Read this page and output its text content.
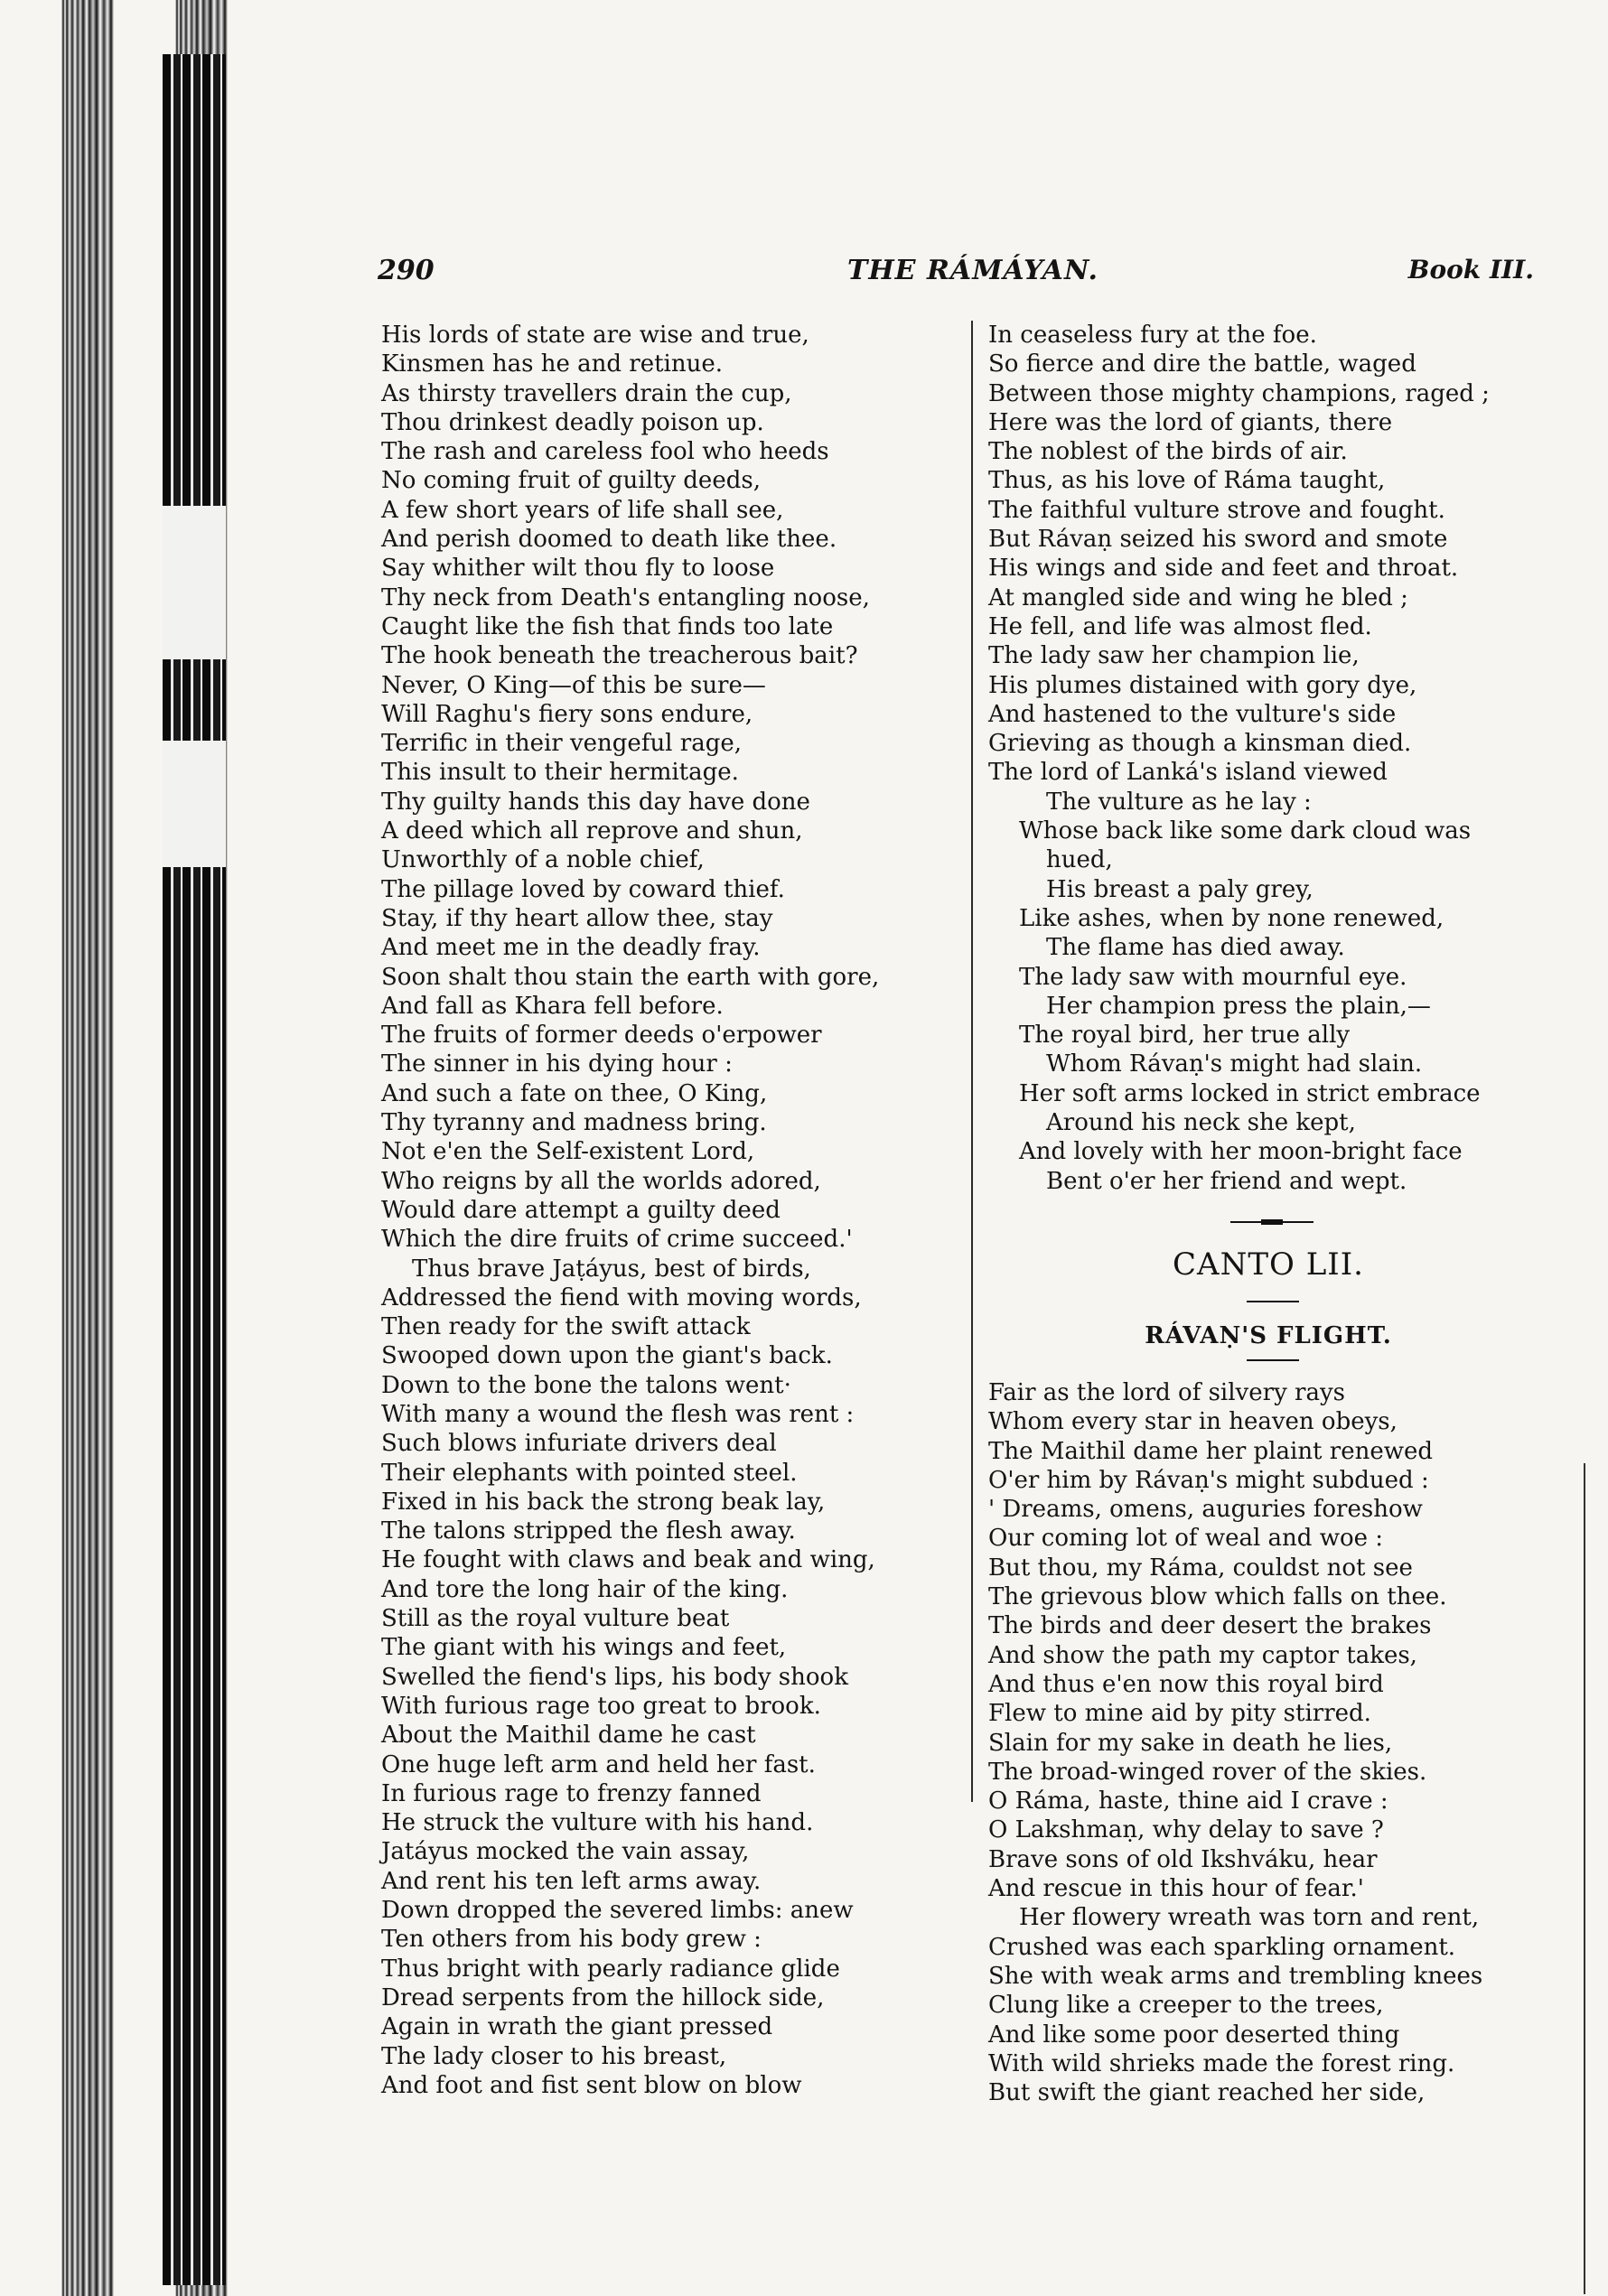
290	THE RÁMÁYAN.	Book III.
His lords of state are wise and true,
Kinsmen has he and retinue.
As thirsty travellers drain the cup,
Thou drinkest deadly poison up.
The rash and careless fool who heeds
No coming fruit of guilty deeds,
A few short years of life shall see,
And perish doomed to death like thee.
Say whither wilt thou fly to loose
Thy neck from Death's entangling noose,
Caught like the fish that finds too late
The hook beneath the treacherous bait?
Never, O King—of this be sure—
Will Raghu's fiery sons endure,
Terrific in their vengeful rage,
This insult to their hermitage.
Thy guilty hands this day have done
A deed which all reprove and shun,
Unworthly of a noble chief,
The pillage loved by coward thief.
Stay, if thy heart allow thee, stay
And meet me in the deadly fray.
Soon shalt thou stain the earth with gore,
And fall as Khara fell before.
The fruits of former deeds o'erpower
The sinner in his dying hour :
And such a fate on thee, O King,
Thy tyranny and madness bring.
Not e'en the Self-existent Lord,
Who reigns by all the worlds adored,
Would dare attempt a guilty deed
Which the dire fruits of crime succeed.'
Thus brave Jaṭáyus, best of birds,
Addressed the fiend with moving words,
Then ready for the swift attack
Swooped down upon the giant's back.
Down to the bone the talons went·
With many a wound the flesh was rent :
Such blows infuriate drivers deal
Their elephants with pointed steel.
Fixed in his back the strong beak lay,
The talons stripped the flesh away.
He fought with claws and beak and wing,
And tore the long hair of the king.
Still as the royal vulture beat
The giant with his wings and feet,
Swelled the fiend's lips, his body shook
With furious rage too great to brook.
About the Maithil dame he cast
One huge left arm and held her fast.
In furious rage to frenzy fanned
He struck the vulture with his hand.
Jatáyus mocked the vain assay,
And rent his ten left arms away.
Down dropped the severed limbs: anew
Ten others from his body grew :
Thus bright with pearly radiance glide
Dread serpents from the hillock side,
Again in wrath the giant pressed
The lady closer to his breast,
And foot and fist sent blow on blow
In ceaseless fury at the foe.
So fierce and dire the battle, waged
Between those mighty champions, raged ;
Here was the lord of giants, there
The noblest of the birds of air.
Thus, as his love of Ráma taught,
The faithful vulture strove and fought.
But Rávaṇ seized his sword and smote
His wings and side and feet and throat.
At mangled side and wing he bled ;
He fell, and life was almost fled.
The lady saw her champion lie,
His plumes distained with gory dye,
And hastened to the vulture's side
Grieving as though a kinsman died.
The lord of Lanká's island viewed
The vulture as he lay :
Whose back like some dark cloud was
hued,
His breast a paly grey,
Like ashes, when by none renewed,
The flame has died away.
The lady saw with mournful eye.
Her champion press the plain,—
The royal bird, her true ally
Whom Rávaṇ's might had slain.
Her soft arms locked in strict embrace
Around his neck she kept,
And lovely with her moon-bright face
Bent o'er her friend and wept.
CANTO LII.
RÁVAṆ'S FLIGHT.
Fair as the lord of silvery rays
Whom every star in heaven obeys,
The Maithil dame her plaint renewed
O'er him by Rávaṇ's might subdued :
' Dreams, omens, auguries foreshow
Our coming lot of weal and woe :
But thou, my Ráma, couldst not see
The grievous blow which falls on thee.
The birds and deer desert the brakes
And show the path my captor takes,
And thus e'en now this royal bird
Flew to mine aid by pity stirred.
Slain for my sake in death he lies,
The broad-winged rover of the skies.
O Ráma, haste, thine aid I crave :
O Lakshmaṇ, why delay to save ?
Brave sons of old Ikshváku, hear
And rescue in this hour of fear.'
Her flowery wreath was torn and rent,
Crushed was each sparkling ornament.
She with weak arms and trembling knees
Clung like a creeper to the trees,
And like some poor deserted thing
With wild shrieks made the forest ring.
But swift the giant reached her side,
